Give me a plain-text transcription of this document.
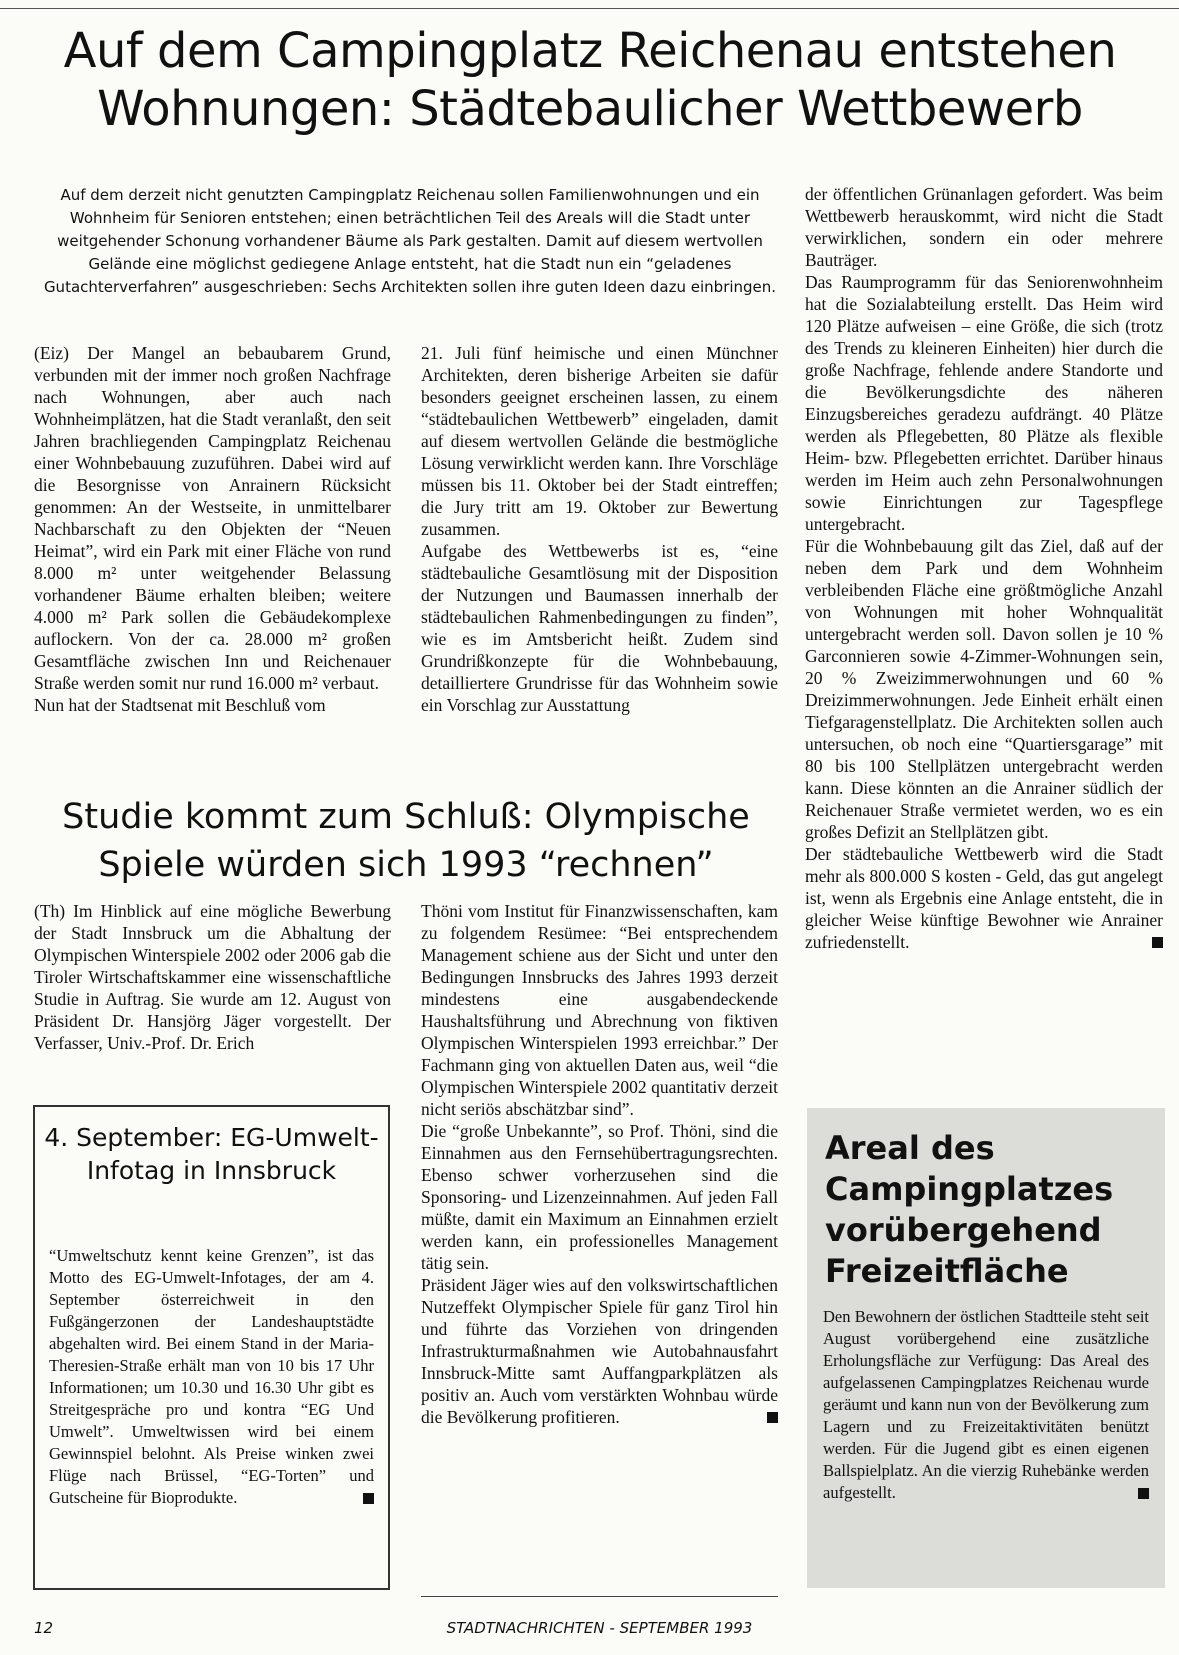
Auf dem Campingplatz Reichenau entstehen Wohnungen: Städtebaulicher Wettbewerb

Auf dem derzeit nicht genutzten Campingplatz Reichenau sollen Familienwohnungen und ein Wohnheim für Senioren entstehen; einen beträchtlichen Teil des Areals will die Stadt unter weitgehender Schonung vorhandener Bäume als Park gestalten. Damit auf diesem wertvollen Gelände eine möglichst gediegene Anlage entsteht, hat die Stadt nun ein “geladenes Gutachterverfahren” ausgeschrieben: Sechs Architekten sollen ihre guten Ideen dazu einbringen.

(Eiz) Der Mangel an bebaubarem Grund, verbunden mit der immer noch großen Nachfrage nach Wohnungen, aber auch nach Wohnheimplätzen, hat die Stadt veranlaßt, den seit Jahren brachliegenden Campingplatz Reichenau einer Wohnbebauung zuzuführen. Dabei wird auf die Besorgnisse von Anrainern Rücksicht genommen: An der Westseite, in unmittelbarer Nachbarschaft zu den Objekten der “Neuen Heimat”, wird ein Park mit einer Fläche von rund 8.000 m² unter weitgehender Belassung vorhandener Bäume erhalten bleiben; weitere 4.000 m² Park sollen die Gebäudekomplexe auflockern. Von der ca. 28.000 m² großen Gesamtfläche zwischen Inn und Reichenauer Straße werden somit nur rund 16.000 m² verbaut.

Nun hat der Stadtsenat mit Beschluß vom

21. Juli fünf heimische und einen Münchner Architekten, deren bisherige Arbeiten sie dafür besonders geeignet erscheinen lassen, zu einem “städtebaulichen Wettbewerb” eingeladen, damit auf diesem wertvollen Gelände die bestmögliche Lösung verwirklicht werden kann. Ihre Vorschläge müssen bis 11. Oktober bei der Stadt eintreffen; die Jury tritt am 19. Oktober zur Bewertung zusammen.

Aufgabe des Wettbewerbs ist es, “eine städtebauliche Gesamtlösung mit der Disposition der Nutzungen und Baumassen innerhalb der städtebaulichen Rahmenbedingungen zu finden”, wie es im Amtsbericht heißt. Zudem sind Grundrißkonzepte für die Wohnbebauung, detailliertere Grundrisse für das Wohnheim sowie ein Vorschlag zur Ausstattung

der öffentlichen Grünanlagen gefordert. Was beim Wettbewerb herauskommt, wird nicht die Stadt verwirklichen, sondern ein oder mehrere Bauträger.

Das Raumprogramm für das Seniorenwohnheim hat die Sozialabteilung erstellt. Das Heim wird 120 Plätze aufweisen – eine Größe, die sich (trotz des Trends zu kleineren Einheiten) hier durch die große Nachfrage, fehlende andere Standorte und die Bevölkerungsdichte des näheren Einzugsbereiches geradezu aufdrängt. 40 Plätze werden als Pflegebetten, 80 Plätze als flexible Heim- bzw. Pflegebetten errichtet. Darüber hinaus werden im Heim auch zehn Personalwohnungen sowie Einrichtungen zur Tagespflege untergebracht.

Für die Wohnbebauung gilt das Ziel, daß auf der neben dem Park und dem Wohnheim verbleibenden Fläche eine größtmögliche Anzahl von Wohnungen mit hoher Wohnqualität untergebracht werden soll. Davon sollen je 10 % Garconnieren sowie 4-Zimmer-Wohnungen sein, 20 % Zweizimmerwohnungen und 60 % Dreizimmerwohnungen. Jede Einheit erhält einen Tiefgaragenstellplatz. Die Architekten sollen auch untersuchen, ob noch eine “Quartiersgarage” mit 80 bis 100 Stellplätzen untergebracht werden kann. Diese könnten an die Anrainer südlich der Reichenauer Straße vermietet werden, wo es ein großes Defizit an Stellplätzen gibt.

Der städtebauliche Wettbewerb wird die Stadt mehr als 800.000 S kosten - Geld, das gut angelegt ist, wenn als Ergebnis eine Anlage entsteht, die in gleicher Weise künftige Bewohner wie Anrainer zufriedenstellt.

Studie kommt zum Schluß: Olympische Spiele würden sich 1993 “rechnen”

(Th) Im Hinblick auf eine mögliche Bewerbung der Stadt Innsbruck um die Abhaltung der Olympischen Winterspiele 2002 oder 2006 gab die Tiroler Wirtschaftskammer eine wissenschaftliche Studie in Auftrag. Sie wurde am 12. August von Präsident Dr. Hansjörg Jäger vorgestellt. Der Verfasser, Univ.-Prof. Dr. Erich

Thöni vom Institut für Finanzwissenschaften, kam zu folgendem Resümee: “Bei entsprechendem Management schiene aus der Sicht und unter den Bedingungen Innsbrucks des Jahres 1993 derzeit mindestens eine ausgabendeckende Haushaltsführung und Abrechnung von fiktiven Olympischen Winterspielen 1993 erreichbar.” Der Fachmann ging von aktuellen Daten aus, weil “die Olympischen Winterspiele 2002 quantitativ derzeit nicht seriös abschätzbar sind”.

Die “große Unbekannte”, so Prof. Thöni, sind die Einnahmen aus den Fernsehübertragungsrechten. Ebenso schwer vorherzusehen sind die Sponsoring- und Lizenzeinnahmen. Auf jeden Fall müßte, damit ein Maximum an Einnahmen erzielt werden kann, ein professionelles Management tätig sein.

Präsident Jäger wies auf den volkswirtschaftlichen Nutzeffekt Olympischer Spiele für ganz Tirol hin und führte das Vorziehen von dringenden Infrastrukturmaßnahmen wie Autobahnausfahrt Innsbruck-Mitte samt Auffangparkplätzen als positiv an. Auch vom verstärkten Wohnbau würde die Bevölkerung profitieren.

4. September: EG-Umwelt-Infotag in Innsbruck
“Umweltschutz kennt keine Grenzen”, ist das Motto des EG-Umwelt-Infotages, der am 4. September österreichweit in den Fußgängerzonen der Landeshauptstädte abgehalten wird. Bei einem Stand in der Maria-Theresien-Straße erhält man von 10 bis 17 Uhr Informationen; um 10.30 und 16.30 Uhr gibt es Streitgespräche pro und kontra “EG Und Umwelt”. Umweltwissen wird bei einem Gewinnspiel belohnt. Als Preise winken zwei Flüge nach Brüssel, “EG-Torten” und Gutscheine für Bioprodukte.
Areal des Campingplatzes vorübergehend Freizeitfläche
Den Bewohnern der östlichen Stadtteile steht seit August vorübergehend eine zusätzliche Erholungsfläche zur Verfügung: Das Areal des aufgelassenen Campingplatzes Reichenau wurde geräumt und kann nun von der Bevölkerung zum Lagern und zu Freizeitaktivitäten benützt werden. Für die Jugend gibt es einen eigenen Ballspielplatz. An die vierzig Ruhebänke werden aufgestellt.
12	STADTNACHRICHTEN - SEPTEMBER 1993
